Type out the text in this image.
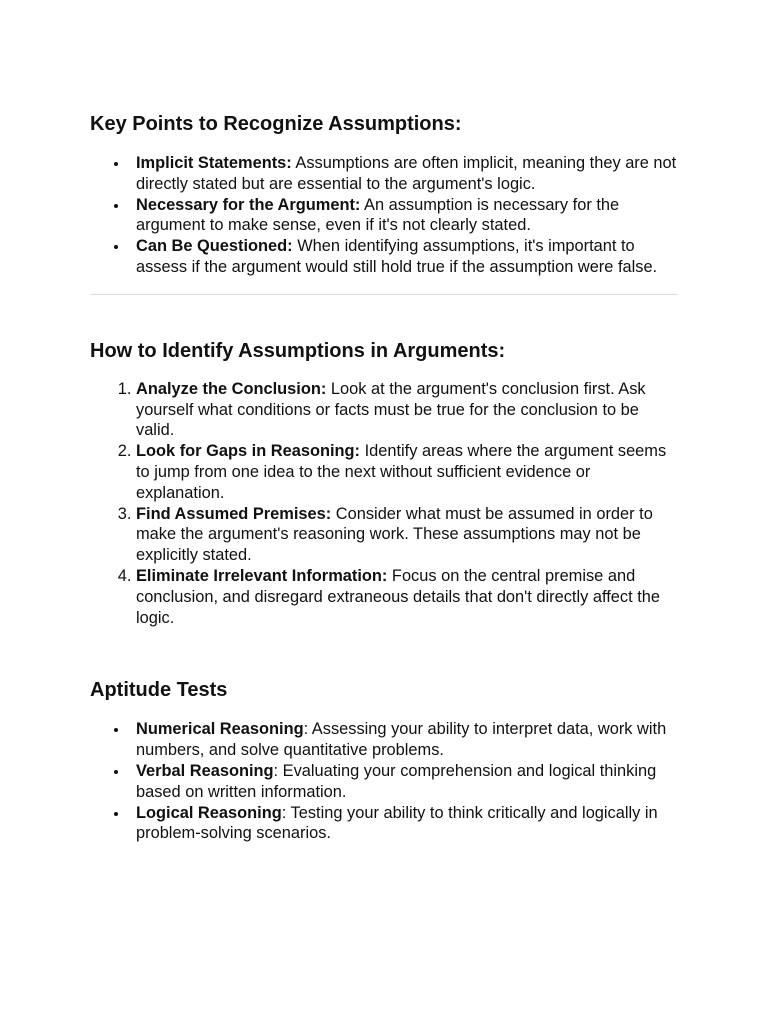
Key Points to Recognize Assumptions:
Implicit Statements: Assumptions are often implicit, meaning they are not directly stated but are essential to the argument's logic.
Necessary for the Argument: An assumption is necessary for the argument to make sense, even if it's not clearly stated.
Can Be Questioned: When identifying assumptions, it's important to assess if the argument would still hold true if the assumption were false.
How to Identify Assumptions in Arguments:
1. Analyze the Conclusion: Look at the argument's conclusion first. Ask yourself what conditions or facts must be true for the conclusion to be valid.
2. Look for Gaps in Reasoning: Identify areas where the argument seems to jump from one idea to the next without sufficient evidence or explanation.
3. Find Assumed Premises: Consider what must be assumed in order to make the argument's reasoning work. These assumptions may not be explicitly stated.
4. Eliminate Irrelevant Information: Focus on the central premise and conclusion, and disregard extraneous details that don't directly affect the logic.
Aptitude Tests
Numerical Reasoning: Assessing your ability to interpret data, work with numbers, and solve quantitative problems.
Verbal Reasoning: Evaluating your comprehension and logical thinking based on written information.
Logical Reasoning: Testing your ability to think critically and logically in problem-solving scenarios.
